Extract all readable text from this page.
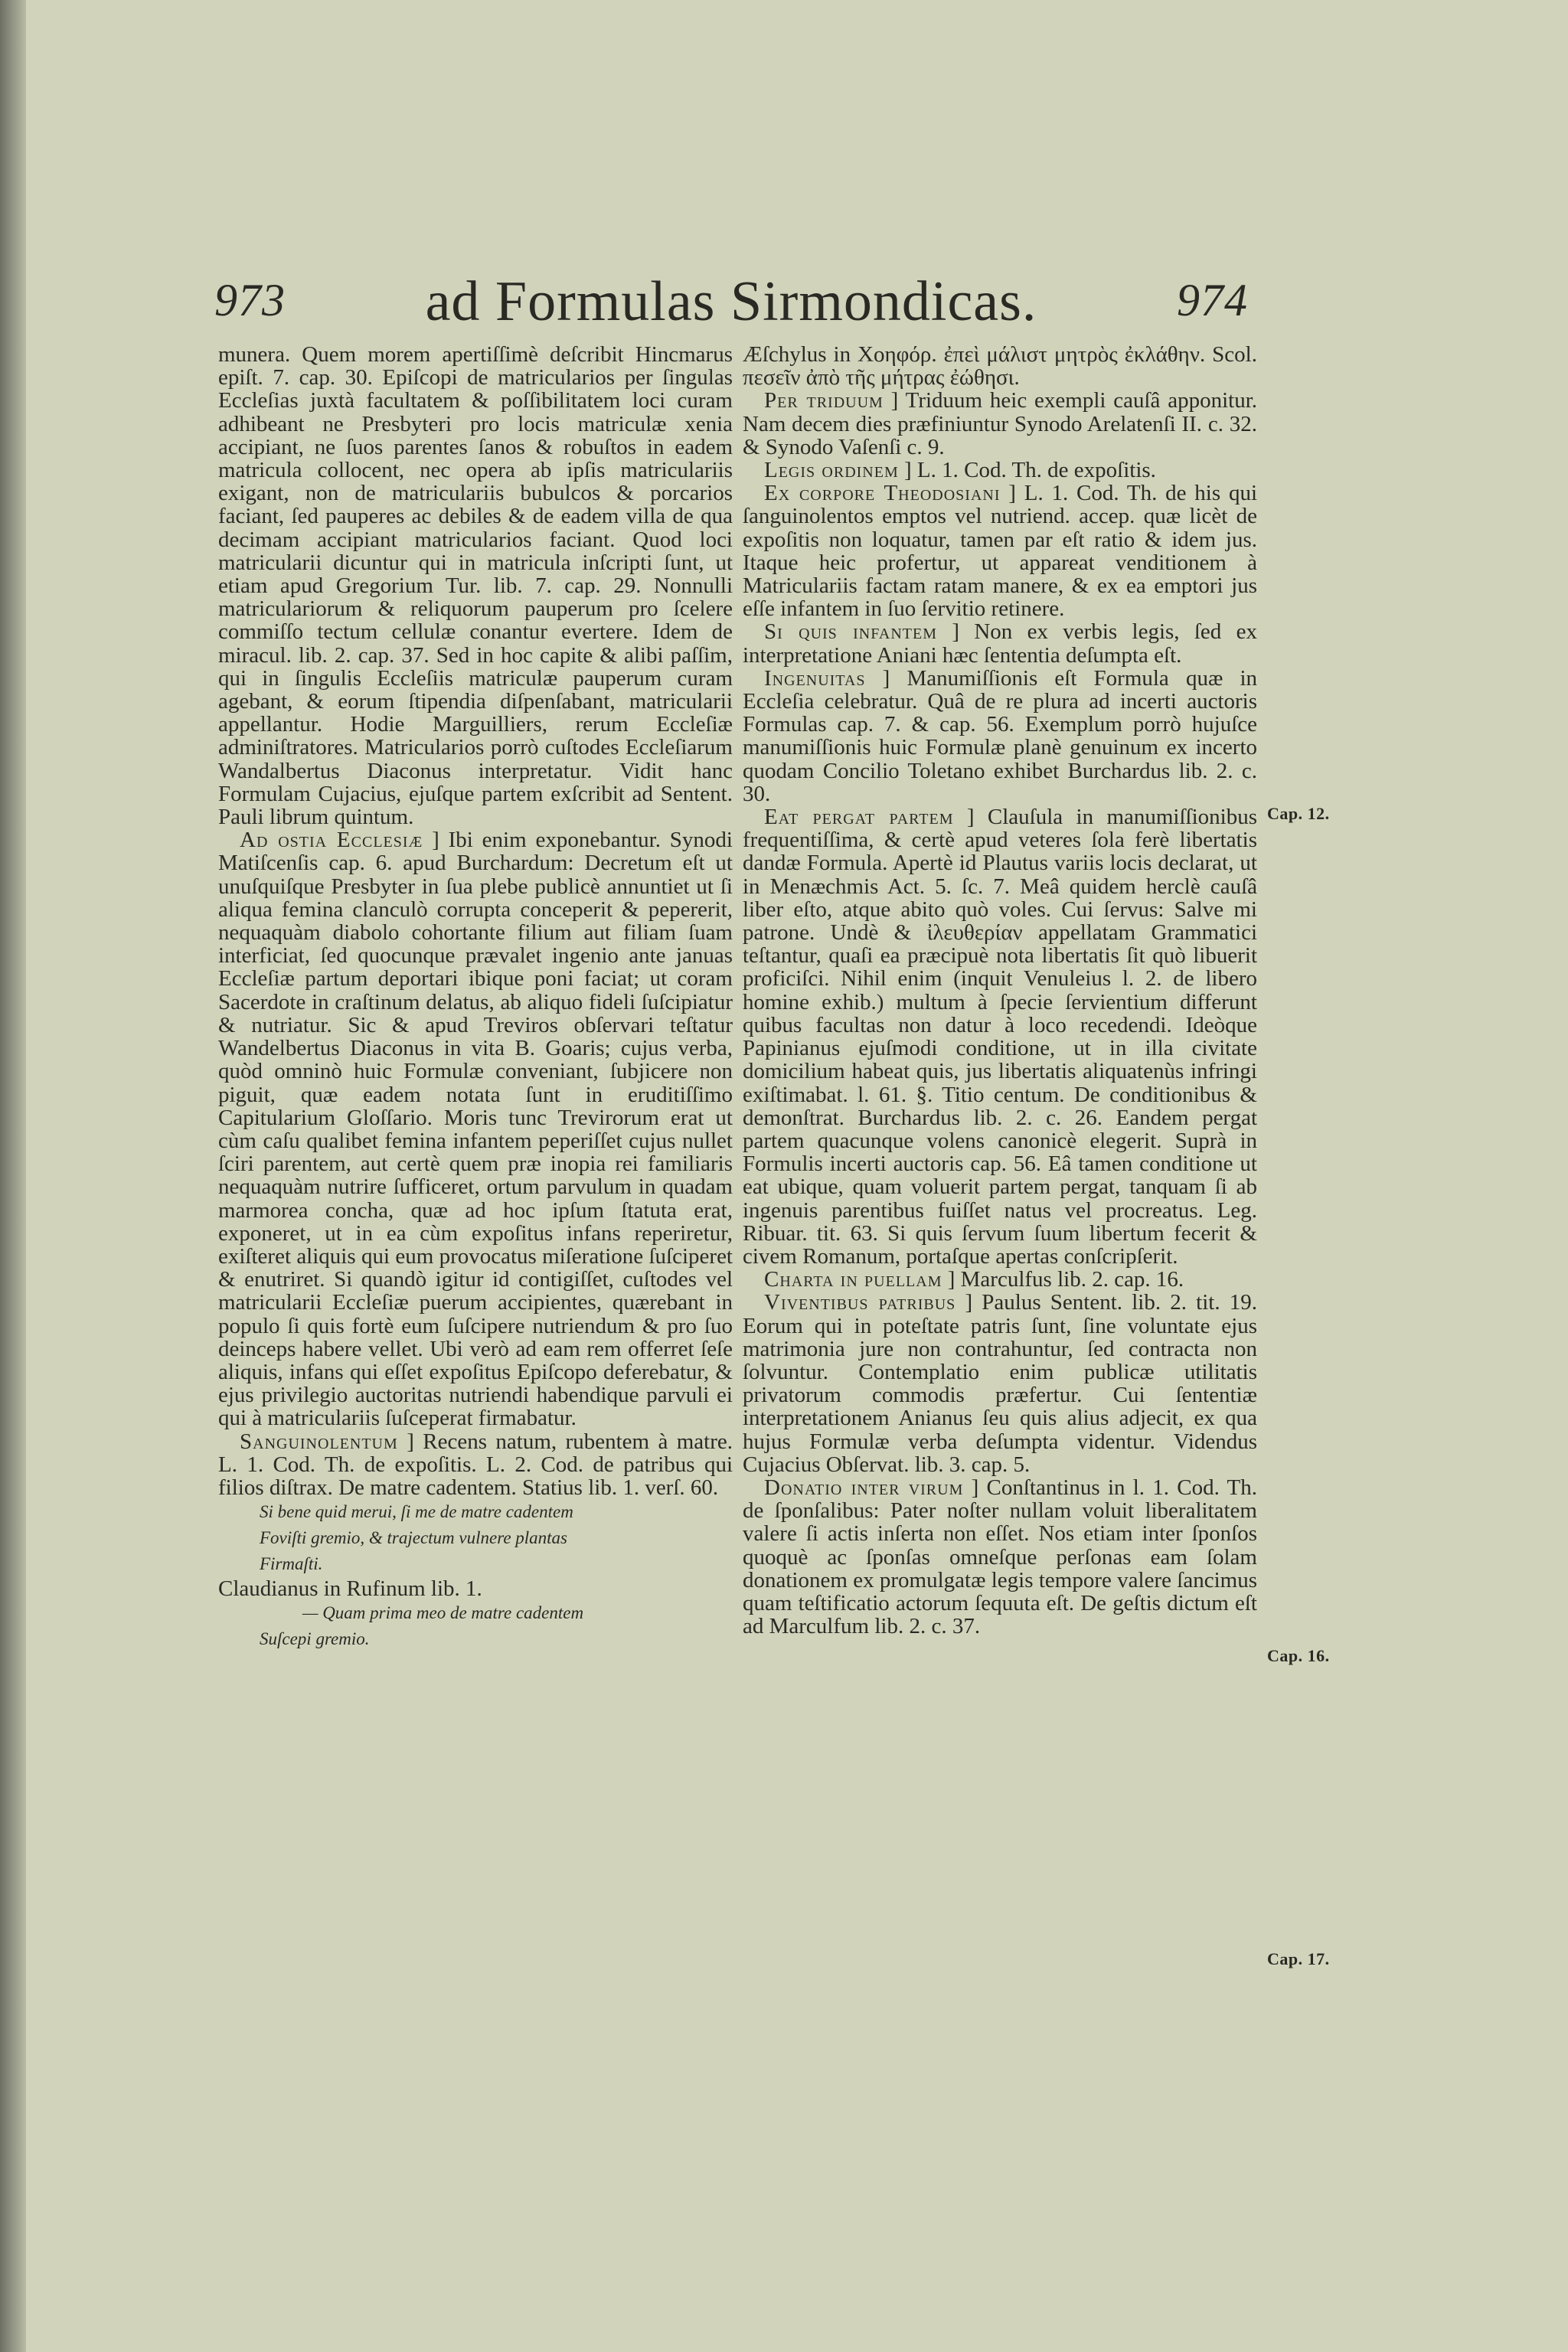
973	ad Formulas Sirmondicas.	974

munera. Quem morem apertiſſimè deſcribit Hincmarus epiſt. 7. cap. 30. Epiſcopi de matricularios per ſingulas Eccleſias juxtà facultatem & poſſibilitatem loci curam adhibeant ne Presbyteri pro locis matriculæ xenia accipiant, ne ſuos parentes ſanos & robuſtos in eadem matricula collocent, nec opera ab ipſis matriculariis exigant, non de matriculariis bubulcos & porcarios faciant, ſed pauperes ac debiles & de eadem villa de qua decimam accipiant matricularios faciant. Quod loci matricularii dicuntur qui in matricula inſcripti ſunt, ut etiam apud Gregorium Tur. lib. 7. cap. 29. Nonnulli matriculariorum & reliquorum pauperum pro ſcelere commiſſo tectum cellulæ conantur evertere. Idem de miracul. lib. 2. cap. 37. Sed in hoc capite & alibi paſſim, qui in ſingulis Eccleſiis matriculæ pauperum curam agebant, & eorum ſtipendia diſpenſabant, matricularii appellantur. Hodie Marguilliers, rerum Eccleſiæ adminiſtratores. Matricularios porrò cuſtodes Eccleſiarum Wandalbertus Diaconus interpretatur. Vidit hanc Formulam Cujacius, ejuſque partem exſcribit ad Sentent. Pauli librum quintum.

Ad ostia Ecclesiæ ] Ibi enim exponebantur. Synodi Matiſcenſis cap. 6. apud Burchardum: Decretum eſt ut unuſquiſque Presbyter in ſua plebe publicè annuntiet ut ſi aliqua femina clanculò corrupta conceperit & pepererit, nequaquàm diabolo cohortante filium aut filiam ſuam interficiat, ſed quocunque prævalet ingenio ante januas Eccleſiæ partum deportari ibique poni faciat; ut coram Sacerdote in craſtinum delatus, ab aliquo fideli ſuſcipiatur & nutriatur. Sic & apud Treviros obſervari teſtatur Wandelbertus Diaconus in vita B. Goaris; cujus verba, quòd omninò huic Formulæ conveniant, ſubjicere non piguit, quæ eadem notata ſunt in eruditiſſimo Capitularium Gloſſario. Moris tunc Trevirorum erat ut cùm caſu qualibet femina infantem peperiſſet cujus nullet ſciri parentem, aut certè quem præ inopia rei familiaris nequaquàm nutrire ſufficeret, ortum parvulum in quadam marmorea concha, quæ ad hoc ipſum ſtatuta erat, exponeret, ut in ea cùm expoſitus infans reperiretur, exiſteret aliquis qui eum provocatus miſeratione ſuſciperet & enutriret. Si quandò igitur id contigiſſet, cuſtodes vel matricularii Eccleſiæ puerum accipientes, quærebant in populo ſi quis fortè eum ſuſcipere nutriendum & pro ſuo deinceps habere vellet. Ubi verò ad eam rem offerret ſeſe aliquis, infans qui eſſet expoſitus Epiſcopo deferebatur, & ejus privilegio auctoritas nutriendi habendique parvuli ei qui à matriculariis ſuſceperat firmabatur.

Sanguinolentum ] Recens natum, rubentem à matre. L. 1. Cod. Th. de expoſitis. L. 2. Cod. de patribus qui filios diſtrax. De matre cadentem. Statius lib. 1. verſ. 60.

Si bene quid merui, ſi me de matre cadentem
Foviſti gremio, & trajectum vulnere plantas
Firmaſti.

Claudianus in Rufinum lib. 1.

— Quam prima meo de matre cadentem
Suſcepi gremio.

Æſchylus in Χοηφόρ. ἐπεὶ μάλιστ μητρὸς ἐκλάθην. Scol. πεσεῖν ἀπὸ τῆς μήτρας ἐώθησι.

Per triduum ] Triduum heic exempli cauſâ apponitur. Nam decem dies præfiniuntur Synodo Arelatenſi II. c. 32. & Synodo Vaſenſi c. 9.

Legis ordinem ] L. 1. Cod. Th. de expoſitis.

Ex corpore Theodosiani ] L. 1. Cod. Th. de his qui ſanguinolentos emptos vel nutriend. accep. quæ licèt de expoſitis non loquatur, tamen par eſt ratio & idem jus. Itaque heic profertur, ut appareat venditionem à Matriculariis factam ratam manere, & ex ea emptori jus eſſe infantem in ſuo ſervitio retinere.

Si quis infantem ] Non ex verbis legis, ſed ex interpretatione Aniani hæc ſententia deſumpta eſt.

Ingenuitas ] Manumiſſionis eſt Formula quæ in Eccleſia celebratur. Quâ de re plura ad incerti auctoris Formulas cap. 7. & cap. 56. Exemplum porrò hujuſce manumiſſionis huic Formulæ planè genuinum ex incerto quodam Concilio Toletano exhibet Burchardus lib. 2. c. 30.

Eat pergat partem ] Clauſula in manumiſſionibus frequentiſſima, & certè apud veteres ſola ferè libertatis dandæ Formula. Apertè id Plautus variis locis declarat, ut in Menæchmis Act. 5. ſc. 7. Meâ quidem herclè cauſâ liber eſto, atque abito quò voles. Cui ſervus: Salve mi patrone. Undè & ἰλευθερίαν appellatam Grammatici teſtantur, quaſi ea præcipuè nota libertatis ſit quò libuerit proficiſci. Nihil enim (inquit Venuleius l. 2. de libero homine exhib.) multum à ſpecie ſervientium differunt quibus facultas non datur à loco recedendi. Ideòque Papinianus ejuſmodi conditione, ut in illa civitate domicilium habeat quis, jus libertatis aliquatenùs infringi exiſtimabat. l. 61. §. Titio centum. De conditionibus & demonſtrat. Burchardus lib. 2. c. 26. Eandem pergat partem quacunque volens canonicè elegerit. Suprà in Formulis incerti auctoris cap. 56. Eâ tamen conditione ut eat ubique, quam voluerit partem pergat, tanquam ſi ab ingenuis parentibus fuiſſet natus vel procreatus. Leg. Ribuar. tit. 63. Si quis ſervum ſuum libertum fecerit & civem Romanum, portaſque apertas conſcripſerit.

Charta in puellam ] Marculfus lib. 2. cap. 16.

Viventibus patribus ] Paulus Sentent. lib. 2. tit. 19. Eorum qui in poteſtate patris ſunt, ſine voluntate ejus matrimonia jure non contrahuntur, ſed contracta non ſolvuntur. Contemplatio enim publicæ utilitatis privatorum commodis præfertur. Cui ſententiæ interpretationem Anianus ſeu quis alius adjecit, ex qua hujus Formulæ verba deſumpta videntur. Videndus Cujacius Obſervat. lib. 3. cap. 5.

Donatio inter virum ] Conſtantinus in l. 1. Cod. Th. de ſponſalibus: Pater noſter nullam voluit liberalitatem valere ſi actis inſerta non eſſet. Nos etiam inter ſponſos quoquè ac ſponſas omneſque perſonas eam ſolam donationem ex promulgatæ legis tempore valere ſancimus quam teſtificatio actorum ſequuta eſt. De geſtis dictum eſt ad Marculfum lib. 2. c. 37.

Cap. 12.
Cap. 16.
Cap. 17.
